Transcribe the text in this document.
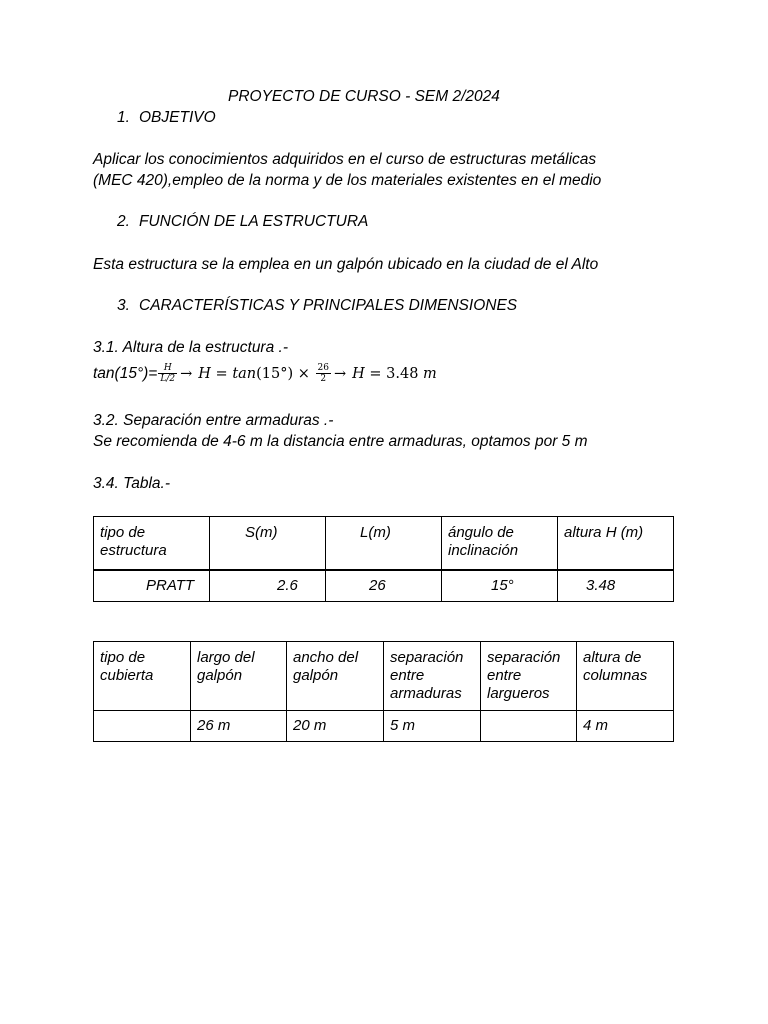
PROYECTO DE CURSO - SEM 2/2024
1. OBJETIVO
Aplicar los conocimientos adquiridos en el curso de estructuras metálicas
(MEC 420),empleo de la norma y de los materiales existentes en el medio
2. FUNCIÓN DE LA ESTRUCTURA
Esta estructura se la emplea en un galpón ubicado en la ciudad de el Alto
3. CARACTERÍSTICAS Y PRINCIPALES DIMENSIONES
3.1. Altura de la estructura .-
$\tan(15^\circ)= \frac{H}{L/2} \to H = \tan(15^\circ) \times \frac{26}{2} \to H = 3.48$ m
3.2. Separación entre armaduras .-
Se recomienda de 4-6 m la distancia entre armaduras, optamos por 5 m
3.4. Tabla.-
tipo de estructura	S(m)	L(m)	ángulo de inclinación	altura H (m)
PRATT	2.6	26	15°	3.48
tipo de cubierta	largo del galpón	ancho del galpón	separación entre armaduras	separación entre largueros	altura de columnas
	26 m	20 m	5 m		4 m
